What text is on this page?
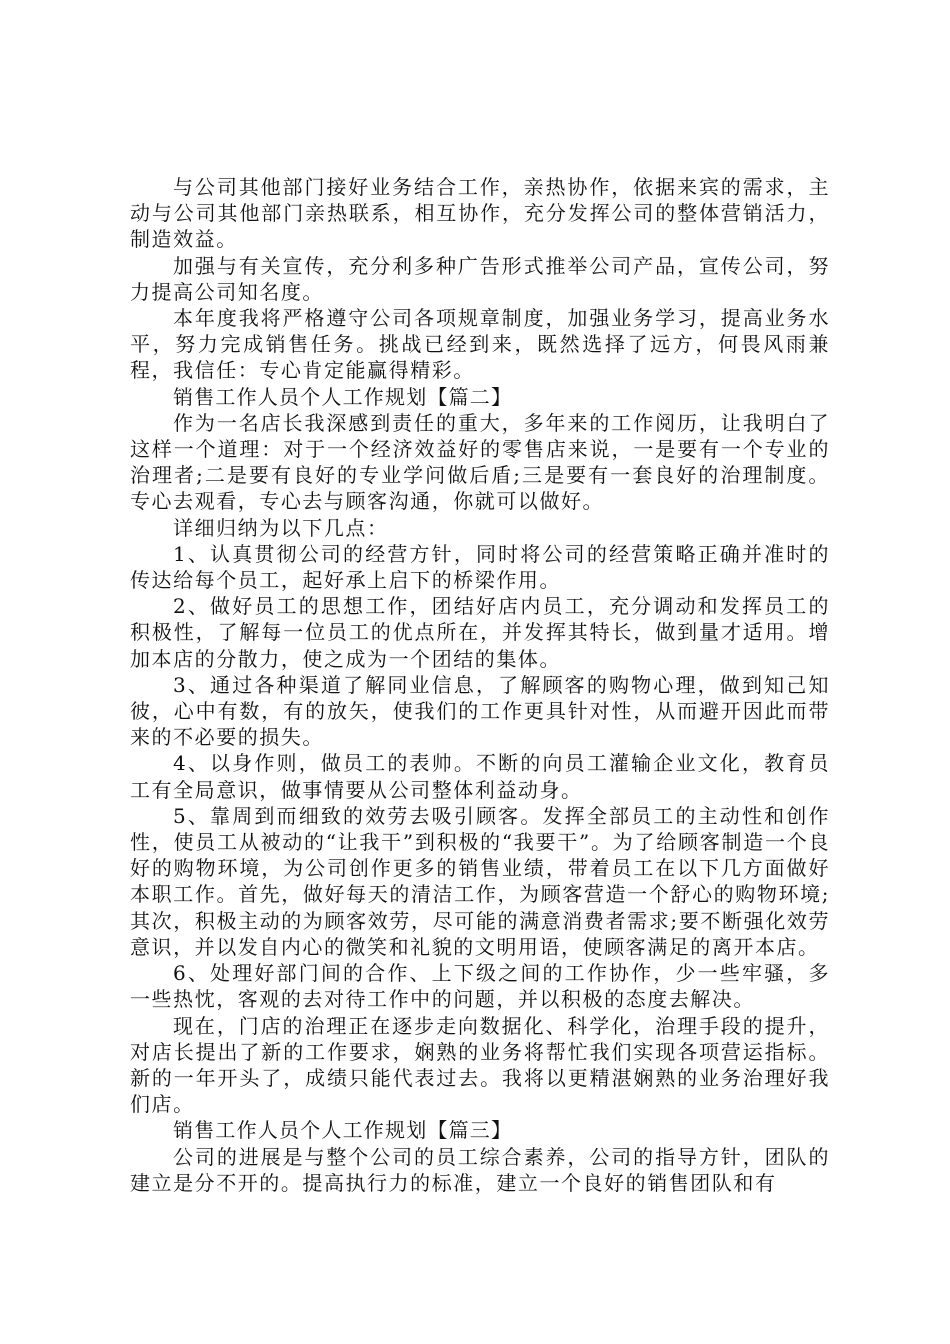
与公司其他部门接好业务结合工作，亲热协作，依据来宾的需求，主动与公司其他部门亲热联系，相互协作，充分发挥公司的整体营销活力，制造效益。

加强与有关宣传，充分利多种广告形式推举公司产品，宣传公司，努力提高公司知名度。

本年度我将严格遵守公司各项规章制度，加强业务学习，提高业务水平，努力完成销售任务。挑战已经到来，既然选择了远方，何畏风雨兼程，我信任：专心肯定能赢得精彩。

销售工作人员个人工作规划【篇二】

作为一名店长我深感到责任的重大，多年来的工作阅历，让我明白了这样一个道理：对于一个经济效益好的零售店来说，一是要有一个专业的治理者;二是要有良好的专业学问做后盾;三是要有一套良好的治理制度。专心去观看，专心去与顾客沟通，你就可以做好。

详细归纳为以下几点：

1、认真贯彻公司的经营方针，同时将公司的经营策略正确并准时的传达给每个员工，起好承上启下的桥梁作用。

2、做好员工的思想工作，团结好店内员工，充分调动和发挥员工的积极性，了解每一位员工的优点所在，并发挥其特长，做到量才适用。增加本店的分散力，使之成为一个团结的集体。

3、通过各种渠道了解同业信息，了解顾客的购物心理，做到知己知彼，心中有数，有的放矢，使我们的工作更具针对性，从而避开因此而带来的不必要的损失。

4、以身作则，做员工的表帅。不断的向员工灌输企业文化，教育员工有全局意识，做事情要从公司整体利益动身。

5、靠周到而细致的效劳去吸引顾客。发挥全部员工的主动性和创作性，使员工从被动的“让我干”到积极的“我要干”。为了给顾客制造一个良好的购物环境，为公司创作更多的销售业绩，带着员工在以下几方面做好本职工作。首先，做好每天的清洁工作，为顾客营造一个舒心的购物环境;其次，积极主动的为顾客效劳，尽可能的满意消费者需求;要不断强化效劳意识，并以发自内心的微笑和礼貌的文明用语，使顾客满足的离开本店。

6、处理好部门间的合作、上下级之间的工作协作，少一些牢骚，多一些热忱，客观的去对待工作中的问题，并以积极的态度去解决。

现在，门店的治理正在逐步走向数据化、科学化，治理手段的提升，对店长提出了新的工作要求，娴熟的业务将帮忙我们实现各项营运指标。新的一年开头了，成绩只能代表过去。我将以更精湛娴熟的业务治理好我们店。

销售工作人员个人工作规划【篇三】

公司的进展是与整个公司的员工综合素养，公司的指导方针，团队的建立是分不开的。提高执行力的标准，建立一个良好的销售团队和有
